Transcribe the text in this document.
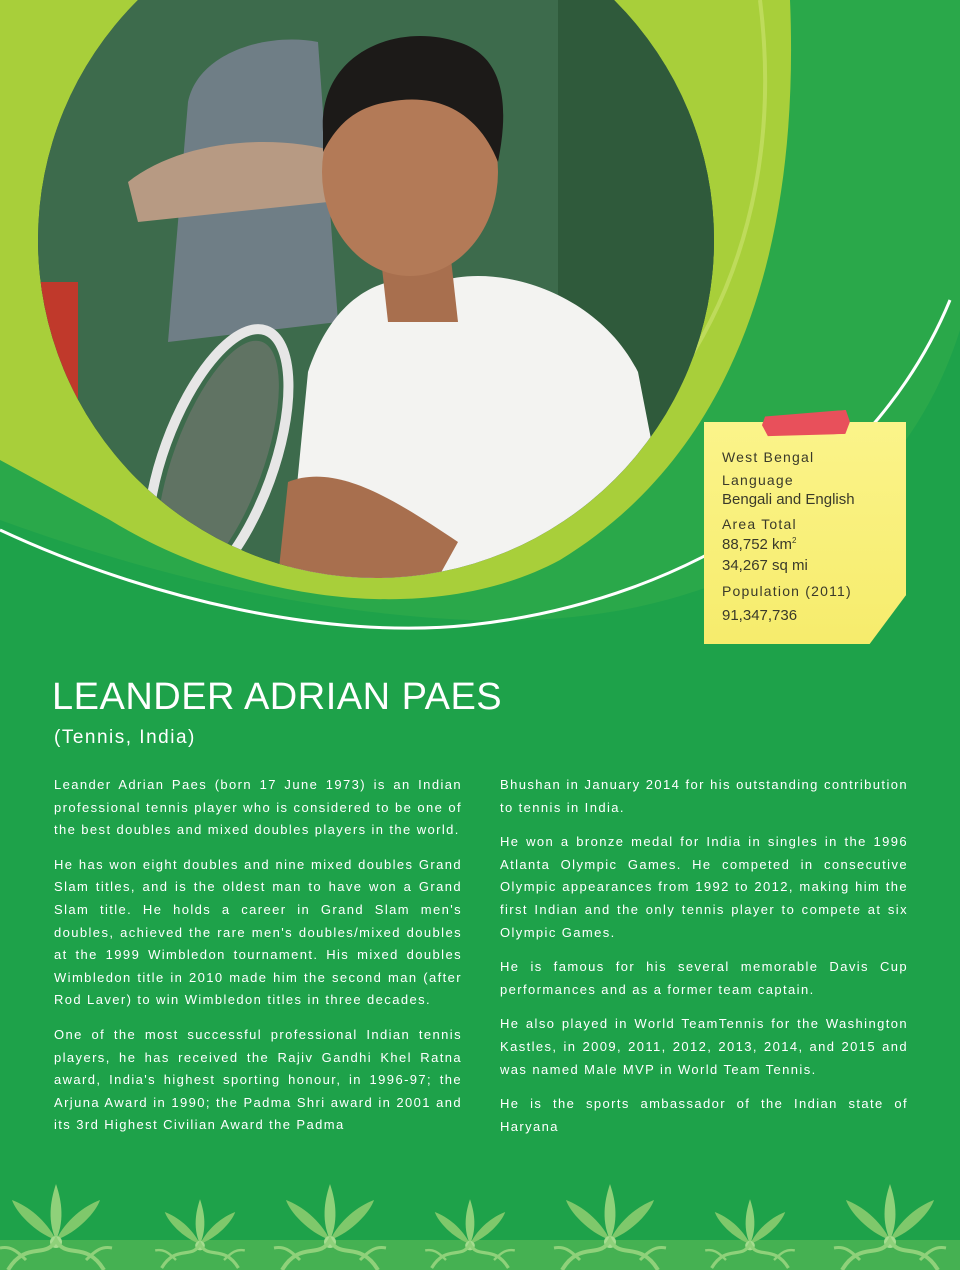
West Bengal
Language
Bengali and English
Area Total
88,752 $km^2$
34,267 sq mi
Population (2011)
91,347,736
LEANDER ADRIAN PAES
(Tennis, India)

Leander Adrian Paes (born 17 June 1973) is an Indian professional tennis player who is considered to be one of the best doubles and mixed doubles players in the world.

He has won eight doubles and nine mixed doubles Grand Slam titles, and is the oldest man to have won a Grand Slam title. He holds a career in Grand Slam men's doubles, achieved the rare men's doubles/mixed doubles at the 1999 Wimbledon tournament. His mixed doubles Wimbledon title in 2010 made him the second man (after Rod Laver) to win Wimbledon titles in three decades.

One of the most successful professional Indian tennis players, he has received the Rajiv Gandhi Khel Ratna award, India's highest sporting honour, in 1996-97; the Arjuna Award in 1990; the Padma Shri award in 2001 and its 3rd Highest Civilian Award the Padma

Bhushan in January 2014 for his outstanding contribution to tennis in India.

He won a bronze medal for India in singles in the 1996 Atlanta Olympic Games. He competed in consecutive Olympic appearances from 1992 to 2012, making him the first Indian and the only tennis player to compete at six Olympic Games.

He is famous for his several memorable Davis Cup performances and as a former team captain.

He also played in World TeamTennis for the Washington Kastles, in 2009, 2011, 2012, 2013, 2014, and 2015 and was named Male MVP in World Team Tennis.

He is the sports ambassador of the Indian state of Haryana
